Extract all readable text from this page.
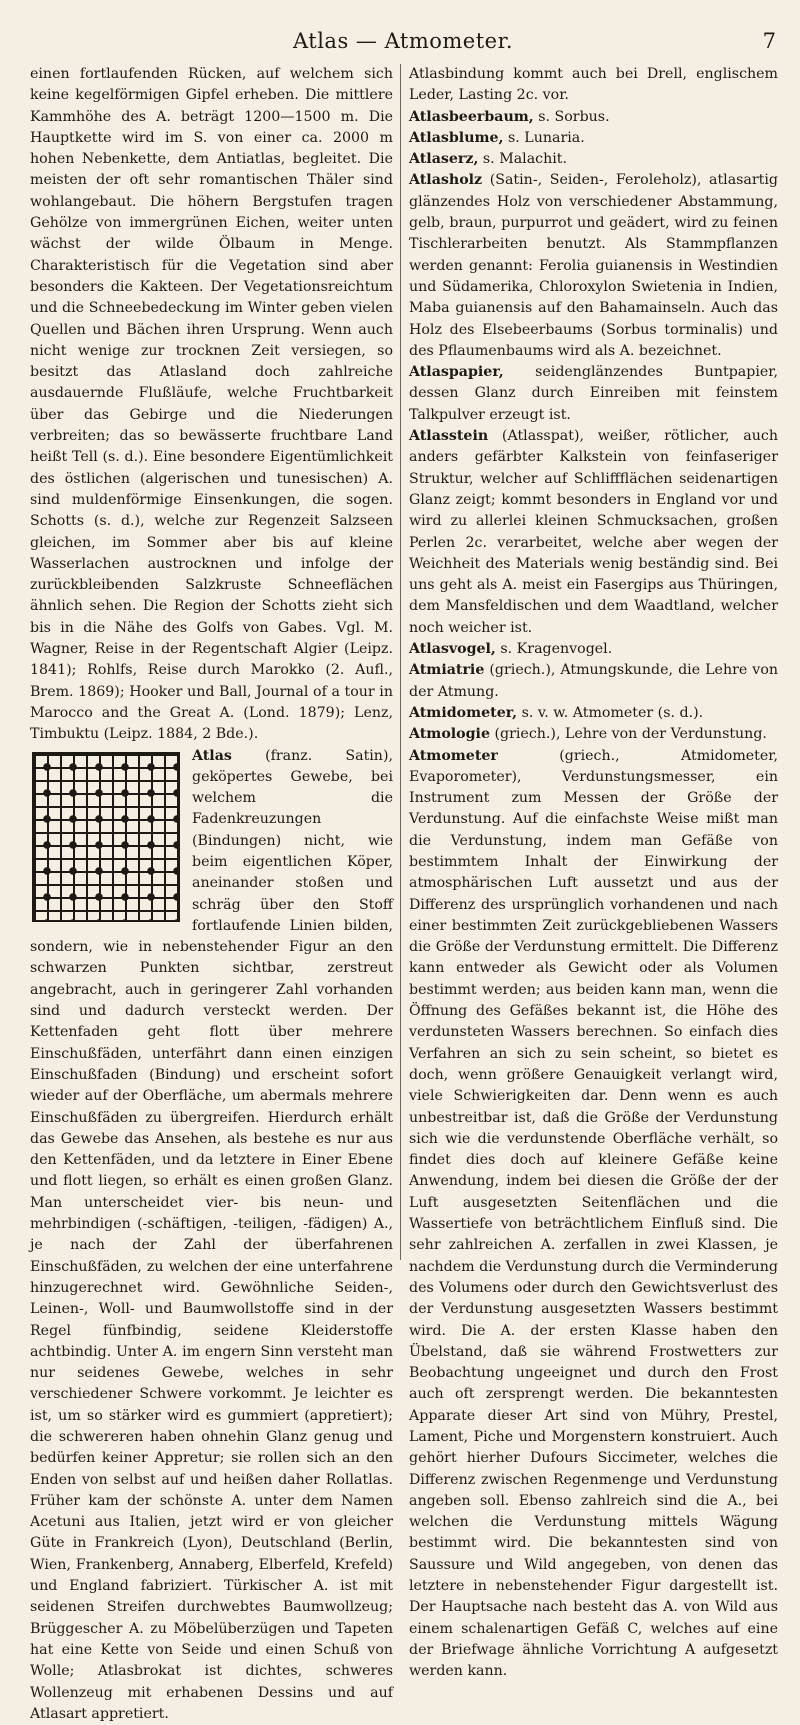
Atlas — Atmometer.	7

einen fortlaufenden Rücken, auf welchem sich keine kegelförmigen Gipfel erheben. Die mittlere Kammhöhe des A. beträgt 1200—1500 m. Die Hauptkette wird im S. von einer ca. 2000 m hohen Nebenkette, dem Antiatlas, begleitet. Die meisten der oft sehr romantischen Thäler sind wohlangebaut. Die höhern Bergstufen tragen Gehölze von immergrünen Eichen, weiter unten wächst der wilde Ölbaum in Menge. Charakteristisch für die Vegetation sind aber besonders die Kakteen. Der Vegetationsreichtum und die Schneebedeckung im Winter geben vielen Quellen und Bächen ihren Ursprung. Wenn auch nicht wenige zur trocknen Zeit versiegen, so besitzt das Atlasland doch zahlreiche ausdauernde Flußläufe, welche Fruchtbarkeit über das Gebirge und die Niederungen verbreiten; das so bewässerte fruchtbare Land heißt Tell (s. d.). Eine besondere Eigentümlichkeit des östlichen (algerischen und tunesischen) A. sind muldenförmige Einsenkungen, die sogen. Schotts (s. d.), welche zur Regenzeit Salzseen gleichen, im Sommer aber bis auf kleine Wasserlachen austrocknen und infolge der zurückbleibenden Salzkruste Schneeflächen ähnlich sehen. Die Region der Schotts zieht sich bis in die Nähe des Golfs von Gabes. Vgl. M. Wagner, Reise in der Regentschaft Algier (Leipz. 1841); Rohlfs, Reise durch Marokko (2. Aufl., Brem. 1869); Hooker und Ball, Journal of a tour in Marocco and the Great A. (Lond. 1879); Lenz, Timbuktu (Leipz. 1884, 2 Bde.).

Atlas
(franz. Satin), geköpertes Gewebe, bei welchem die Fadenkreuzungen (Bindungen) nicht, wie beim eigentlichen Köper, aneinander stoßen und schräg über den Stoff fortlaufende Linien bilden, sondern, wie in nebenstehender Figur an den schwarzen Punkten sichtbar, zerstreut angebracht, auch in geringerer Zahl vorhanden sind und dadurch versteckt werden. Der Kettenfaden geht flott über mehrere Einschußfäden, unterfährt dann einen einzigen Einschußfaden (Bindung) und erscheint sofort wieder auf der Oberfläche, um abermals mehrere Einschußfäden zu übergreifen. Hierdurch erhält das Gewebe das Ansehen, als bestehe es nur aus den Kettenfäden, und da letztere in Einer Ebene und flott liegen, so erhält es einen großen Glanz. Man unterscheidet vier- bis neun- und mehrbindigen (-schäftigen, -teiligen, -fädigen) A., je nach der Zahl der überfahrenen Einschußfäden, zu welchen der eine unterfahrene hinzugerechnet wird. Gewöhnliche Seiden-, Leinen-, Woll- und Baumwollstoffe sind in der Regel fünfbindig, seidene Kleiderstoffe achtbindig. Unter A. im engern Sinn versteht man nur seidenes Gewebe, welches in sehr verschiedener Schwere vorkommt. Je leichter es ist, um so stärker wird es gummiert (appretiert); die schwereren haben ohnehin Glanz genug und bedürfen keiner Appretur; sie rollen sich an den Enden von selbst auf und heißen daher Rollatlas. Früher kam der schönste A. unter dem Namen Acetuni aus Italien, jetzt wird er von gleicher Güte in Frankreich (Lyon), Deutschland (Berlin, Wien, Frankenberg, Annaberg, Elberfeld, Krefeld) und England fabriziert. Türkischer A. ist mit seidenen Streifen durchwebtes Baumwollzeug; Brüggescher A. zu Möbelüberzügen und Tapeten hat eine Kette von Seide und einen Schuß von Wolle; Atlasbrokat ist dichtes, schweres Wollenzeug mit erhabenen Dessins und auf Atlasart appretiert.

Atlasbindung kommt auch bei Drell, englischem Leder, Lasting 2c. vor.

Atlasbeerbaum, s. Sorbus.

Atlasblume, s. Lunaria.

Atlaserz, s. Malachit.

Atlasholz (Satin-, Seiden-, Feroleholz), atlasartig glänzendes Holz von verschiedener Abstammung, gelb, braun, purpurrot und geädert, wird zu feinen Tischlerarbeiten benutzt. Als Stammpflanzen werden genannt: Ferolia guianensis in Westindien und Südamerika, Chloroxylon Swietenia in Indien, Maba guianensis auf den Bahamainseln. Auch das Holz des Elsebeerbaums (Sorbus torminalis) und des Pflaumenbaums wird als A. bezeichnet.

Atlaspapier, seidenglänzendes Buntpapier, dessen Glanz durch Einreiben mit feinstem Talkpulver erzeugt ist.

Atlasstein (Atlasspat), weißer, rötlicher, auch anders gefärbter Kalkstein von feinfaseriger Struktur, welcher auf Schliffflächen seidenartigen Glanz zeigt; kommt besonders in England vor und wird zu allerlei kleinen Schmucksachen, großen Perlen 2c. verarbeitet, welche aber wegen der Weichheit des Materials wenig beständig sind. Bei uns geht als A. meist ein Fasergips aus Thüringen, dem Mansfeldischen und dem Waadtland, welcher noch weicher ist.

Atlasvogel, s. Kragenvogel.

Atmiatrie (griech.), Atmungskunde, die Lehre von der Atmung.

Atmidometer, s. v. w. Atmometer (s. d.).

Atmologie (griech.), Lehre von der Verdunstung.

Atmometer (griech., Atmidometer, Evaporometer), Verdunstungsmesser, ein Instrument zum Messen der Größe der Verdunstung. Auf die einfachste Weise mißt man die Verdunstung, indem man Gefäße von bestimmtem Inhalt der Einwirkung der atmosphärischen Luft aussetzt und aus der Differenz des ursprünglich vorhandenen und nach einer bestimmten Zeit zurückgebliebenen Wassers die Größe der Verdunstung ermittelt. Die Differenz kann entweder als Gewicht oder als Volumen bestimmt werden; aus beiden kann man, wenn die Öffnung des Gefäßes bekannt ist, die Höhe des verdunsteten Wassers berechnen. So einfach dies Verfahren an sich zu sein scheint, so bietet es doch, wenn größere Genauigkeit verlangt wird, viele Schwierigkeiten dar. Denn wenn es auch unbestreitbar ist, daß die Größe der Verdunstung sich wie die verdunstende Oberfläche verhält, so findet dies doch auf kleinere Gefäße keine Anwendung, indem bei diesen die Größe der der Luft ausgesetzten Seitenflächen und die Wassertiefe von beträchtlichem Einfluß sind. Die sehr zahlreichen A. zerfallen in zwei Klassen, je nachdem die Verdunstung durch die Verminderung des Volumens oder durch den Gewichtsverlust des der Verdunstung ausgesetzten Wassers bestimmt wird. Die A. der ersten Klasse haben den Übelstand, daß sie während Frostwetters zur Beobachtung ungeeignet und durch den Frost auch oft zersprengt werden. Die bekanntesten Apparate dieser Art sind von Mühry, Prestel, Lament, Piche und Morgenstern konstruiert. Auch gehört hierher Dufours Siccimeter, welches die Differenz zwischen Regenmenge und Verdunstung angeben soll. Ebenso zahlreich sind die A., bei welchen die Verdunstung mittels Wägung bestimmt wird. Die bekanntesten sind von Saussure und Wild angegeben, von denen das letztere in nebenstehender Figur dargestellt ist. Der Hauptsache nach besteht das A. von Wild aus einem schalenartigen Gefäß C, welches auf eine der Briefwage ähnliche Vorrichtung A aufgesetzt werden kann.
